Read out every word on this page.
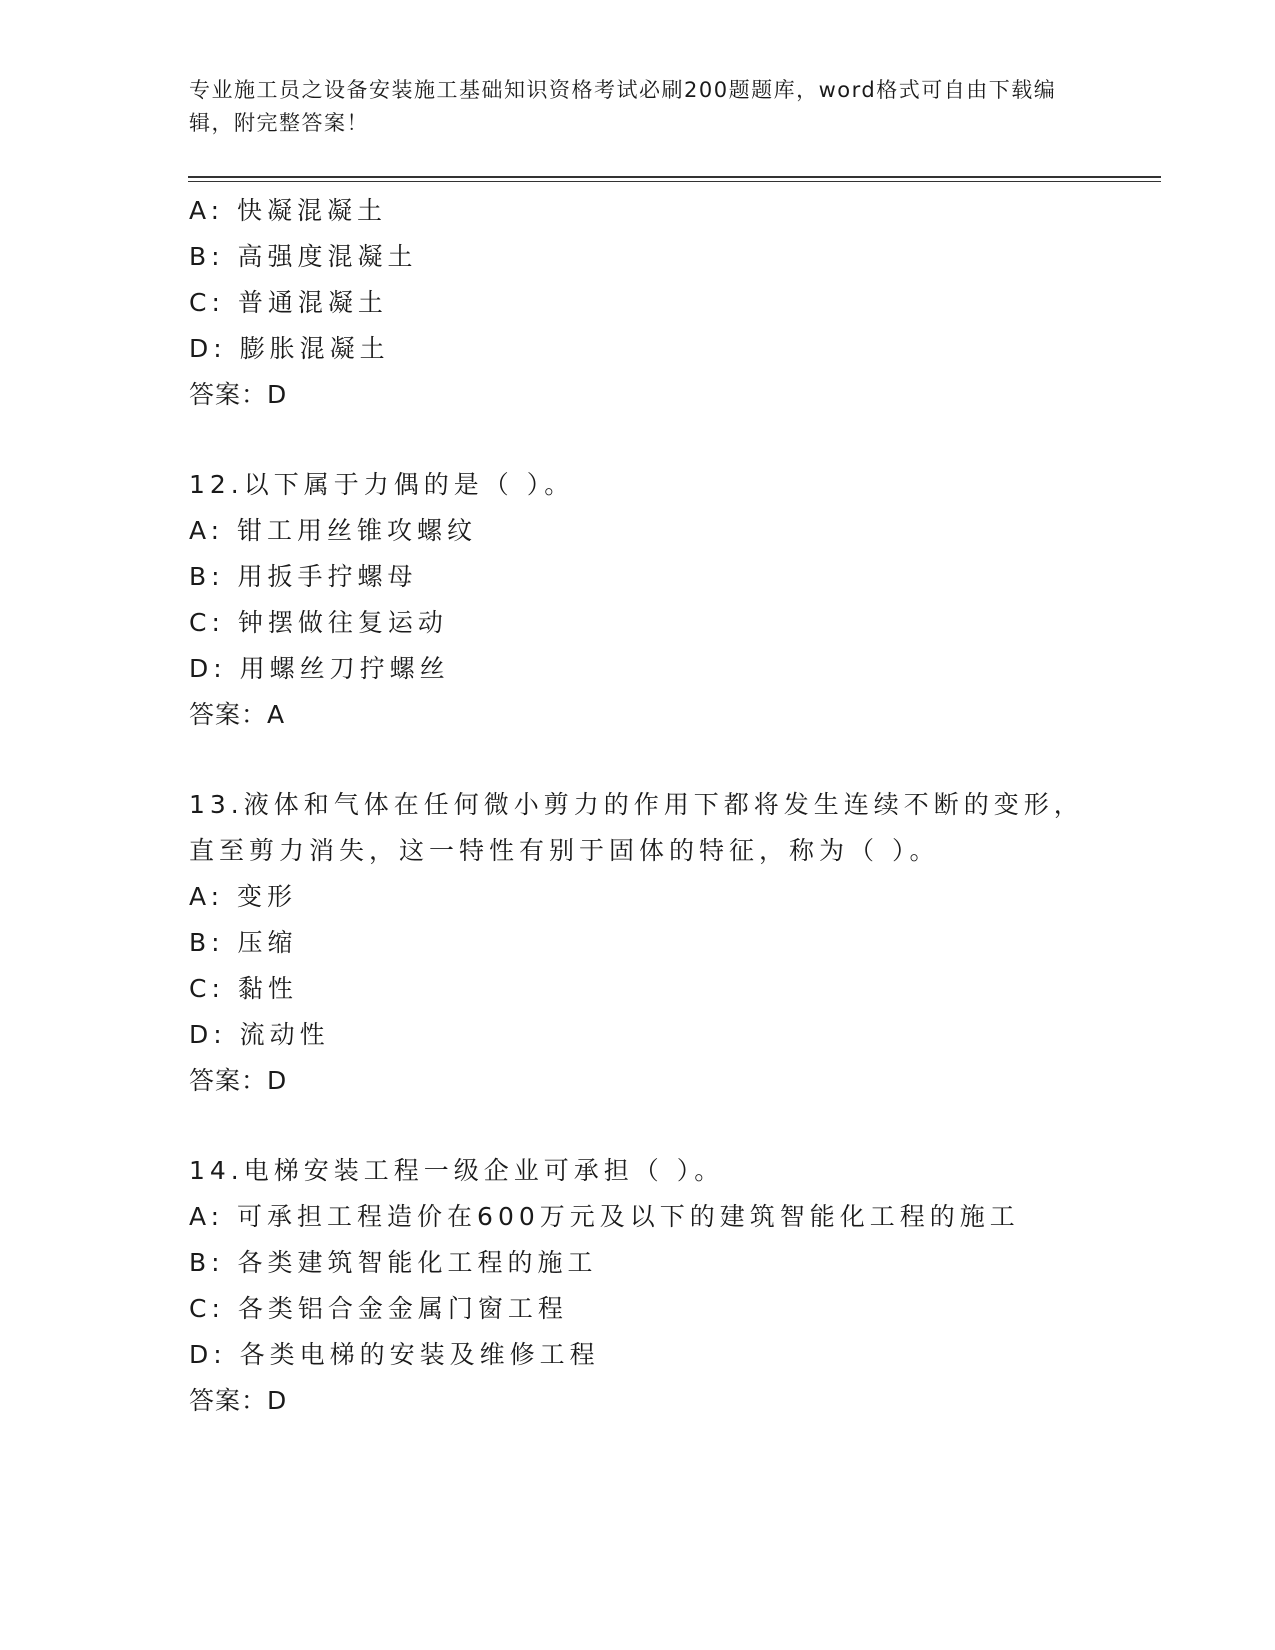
专业施工员之设备安装施工基础知识资格考试必刷200题题库，word格式可自由下载编辑，附完整答案！
A: 快凝混凝土
B: 高强度混凝土
C: 普通混凝土
D: 膨胀混凝土
答案：D
12.以下属于力偶的是（ ）。
A: 钳工用丝锥攻螺纹
B: 用扳手拧螺母
C: 钟摆做往复运动
D: 用螺丝刀拧螺丝
答案：A
13.液体和气体在任何微小剪力的作用下都将发生连续不断的变形，直至剪力消失，这一特性有别于固体的特征，称为（ ）。
A: 变形
B: 压缩
C: 黏性
D: 流动性
答案：D
14.电梯安装工程一级企业可承担（ ）。
A: 可承担工程造价在600万元及以下的建筑智能化工程的施工
B: 各类建筑智能化工程的施工
C: 各类铝合金金属门窗工程
D: 各类电梯的安装及维修工程
答案：D
